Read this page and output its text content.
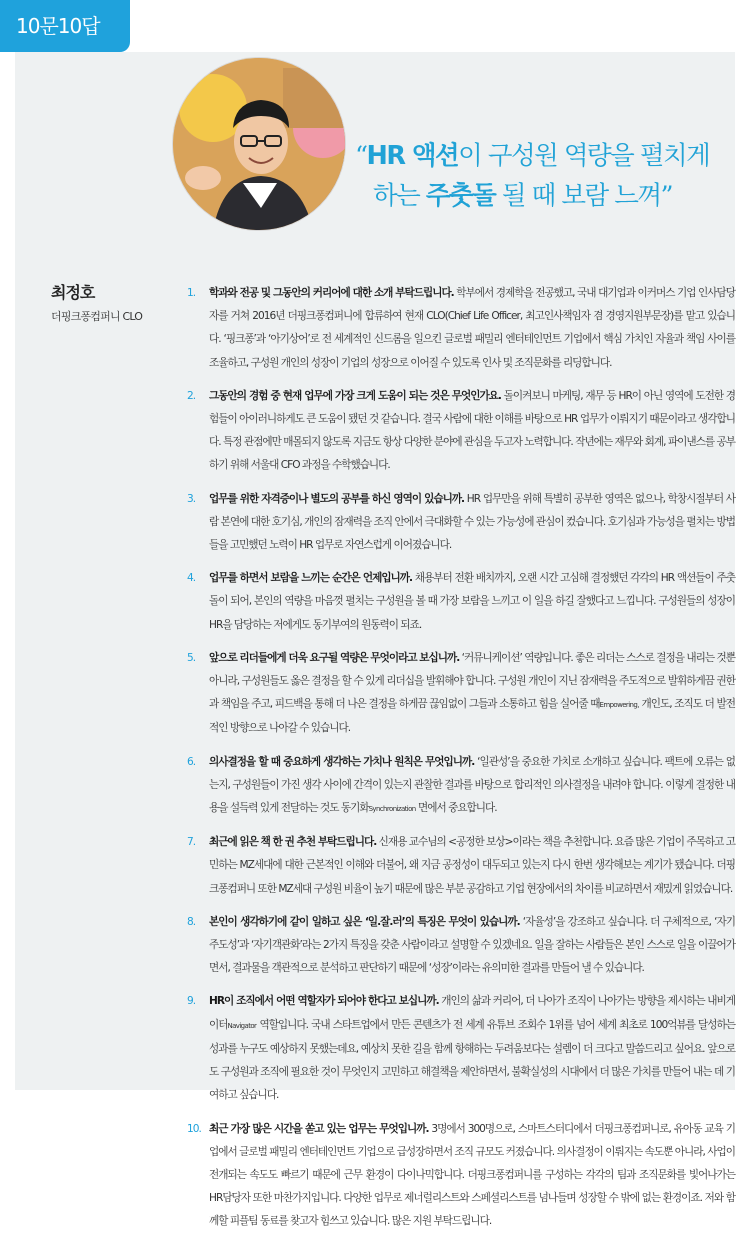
10문10답
“HR 액션이 구성원 역량을 펼치게
하는 주춧돌 될 때 보람 느껴”
최정호
더핑크퐁컴퍼니 CLO
1. 학과와 전공 및 그동안의 커리어에 대한 소개 부탁드립니다. 학부에서 경제학을 전공했고, 국내 대기업과 이커머스 기업 인사담당자를 거쳐 2016년 더핑크퐁컴퍼니에 합류하여 현재 CLO(Chief Life Officer, 최고인사책임자 겸 경영지원부문장)를 맡고 있습니다. ‘핑크퐁’과 ‘아기상어’로 전 세계적인 신드롬을 일으킨 글로벌 패밀리 엔터테인먼트 기업에서 핵심 가치인 자율과 책임 사이를 조율하고, 구성원 개인의 성장이 기업의 성장으로 이어질 수 있도록 인사 및 조직문화를 리딩합니다.
2. 그동안의 경험 중 현재 업무에 가장 크게 도움이 되는 것은 무엇인가요. 돌이켜보니 마케팅, 재무 등 HR이 아닌 영역에 도전한 경험들이 아이러니하게도 큰 도움이 됐던 것 같습니다. 결국 사람에 대한 이해를 바탕으로 HR 업무가 이뤄지기 때문이라고 생각합니다. 특정 관점에만 매몰되지 않도록 지금도 항상 다양한 분야에 관심을 두고자 노력합니다. 작년에는 재무와 회계, 파이낸스를 공부하기 위해 서울대 CFO 과정을 수학했습니다.
3. 업무를 위한 자격증이나 별도의 공부를 하신 영역이 있습니까. HR 업무만을 위해 특별히 공부한 영역은 없으나, 학창시절부터 사람 본연에 대한 호기심, 개인의 잠재력을 조직 안에서 극대화할 수 있는 가능성에 관심이 컸습니다. 호기심과 가능성을 펼치는 방법들을 고민했던 노력이 HR 업무로 자연스럽게 이어졌습니다.
4. 업무를 하면서 보람을 느끼는 순간은 언제입니까. 채용부터 전환 배치까지, 오랜 시간 고심해 결정했던 각각의 HR 액션들이 주춧돌이 되어, 본인의 역량을 마음껏 펼치는 구성원을 볼 때 가장 보람을 느끼고 이 일을 하길 잘했다고 느낍니다. 구성원들의 성장이 HR을 담당하는 저에게도 동기부여의 원동력이 되죠.
5. 앞으로 리더들에게 더욱 요구될 역량은 무엇이라고 보십니까. ‘커뮤니케이션’ 역량입니다. 좋은 리더는 스스로 결정을 내리는 것뿐 아니라, 구성원들도 옳은 결정을 할 수 있게 리더십을 발휘해야 합니다. 구성원 개인이 지닌 잠재력을 주도적으로 발휘하게끔 권한과 책임을 주고, 피드백을 통해 더 나은 결정을 하게끔 끊임없이 그들과 소통하고 힘을 실어줄 때Empowering, 개인도, 조직도 더 발전적인 방향으로 나아갈 수 있습니다.
6. 의사결정을 할 때 중요하게 생각하는 가치나 원칙은 무엇입니까. ‘일관성’을 중요한 가치로 소개하고 싶습니다. 팩트에 오류는 없는지, 구성원들이 가진 생각 사이에 간격이 있는지 관찰한 결과를 바탕으로 합리적인 의사결정을 내려야 합니다. 이렇게 결정한 내용을 설득력 있게 전달하는 것도 동기화Synchronization 면에서 중요합니다.
7. 최근에 읽은 책 한 권 추천 부탁드립니다. 신재용 교수님의 <공정한 보상>이라는 책을 추천합니다. 요즘 많은 기업이 주목하고 고민하는 MZ세대에 대한 근본적인 이해와 더불어, 왜 지금 공정성이 대두되고 있는지 다시 한번 생각해보는 계기가 됐습니다. 더핑크퐁컴퍼니 또한 MZ세대 구성원 비율이 높기 때문에 많은 부분 공감하고 기업 현장에서의 차이를 비교하면서 재밌게 읽었습니다.
8. 본인이 생각하기에 같이 일하고 싶은 ‘일.잘.러’의 특징은 무엇이 있습니까. ‘자율성’을 강조하고 싶습니다. 더 구체적으로, ‘자기 주도성’과 ‘자기객관화’라는 2가지 특징을 갖춘 사람이라고 설명할 수 있겠네요. 일을 잘하는 사람들은 본인 스스로 일을 이끌어가면서, 결과물을 객관적으로 분석하고 판단하기 때문에 ‘성장’이라는 유의미한 결과를 만들어 낼 수 있습니다.
9. HR이 조직에서 어떤 역할자가 되어야 한다고 보십니까. 개인의 삶과 커리어, 더 나아가 조직이 나아가는 방향을 제시하는 내비게이터Navigator 역할입니다. 국내 스타트업에서 만든 콘텐츠가 전 세계 유튜브 조회수 1위를 넘어 세계 최초로 100억뷰를 달성하는 성과를 누구도 예상하지 못했는데요, 예상치 못한 길을 함께 항해하는 두려움보다는 설렘이 더 크다고 말씀드리고 싶어요. 앞으로도 구성원과 조직에 필요한 것이 무엇인지 고민하고 해결책을 제안하면서, 불확실성의 시대에서 더 많은 가치를 만들어 내는 데 기여하고 싶습니다.
10. 최근 가장 많은 시간을 쏟고 있는 업무는 무엇입니까. 3명에서 300명으로, 스마트스터디에서 더핑크퐁컴퍼니로, 유아동 교육 기업에서 글로벌 패밀리 엔터테인먼트 기업으로 급성장하면서 조직 규모도 커졌습니다. 의사결정이 이뤄지는 속도뿐 아니라, 사업이 전개되는 속도도 빠르기 때문에 근무 환경이 다이나믹합니다. 더핑크퐁컴퍼니를 구성하는 각각의 팀과 조직문화를 빛어나가는 HR담당자 또한 마찬가지입니다. 다양한 업무로 제너럴리스트와 스페셜리스트를 넘나들며 성장할 수 밖에 없는 환경이죠. 저와 함께할 피플팀 동료를 찾고자 힘쓰고 있습니다. 많은 지원 부탁드립니다.
